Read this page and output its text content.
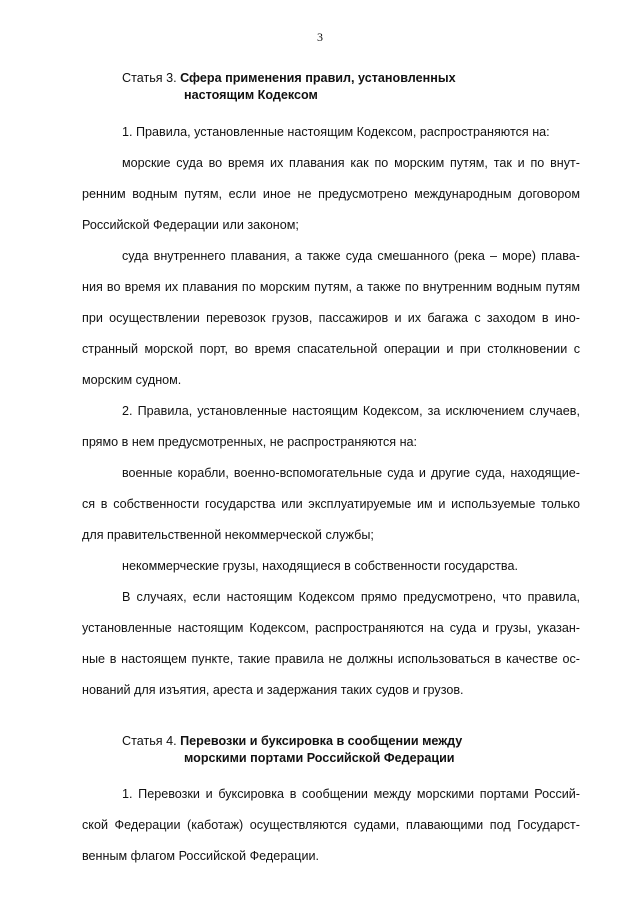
3
Статья 3. Сфера применения правил, установленных
настоящим Кодексом
1. Правила, установленные настоящим Кодексом, распространяются на:
морские суда во время их плавания как по морским путям, так и по внут-
ренним водным путям, если иное не предусмотрено международным договором
Российской Федерации или законом;
суда внутреннего плавания, а также суда смешанного (река – море) плава-
ния во время их плавания по морским путям, а также по внутренним водным путям
при осуществлении перевозок грузов, пассажиров и их багажа с заходом в ино-
странный морской порт, во время спасательной операции и при столкновении с
морским судном.
2. Правила, установленные настоящим Кодексом, за исключением случаев,
прямо в нем предусмотренных, не распространяются на:
военные корабли, военно-вспомогательные суда и другие суда, находящие-
ся в собственности государства или эксплуатируемые им и используемые только
для правительственной некоммерческой службы;
некоммерческие грузы, находящиеся в собственности государства.
В случаях, если настоящим Кодексом прямо предусмотрено, что правила,
установленные настоящим Кодексом, распространяются на суда и грузы, указан-
ные в настоящем пункте, такие правила не должны использоваться в качестве ос-
нований для изъятия, ареста и задержания таких судов и грузов.
Статья 4. Перевозки и буксировка в сообщении между
морскими портами Российской Федерации
1. Перевозки и буксировка в сообщении между морскими портами Россий-
ской Федерации (каботаж) осуществляются судами, плавающими под Государст-
венным флагом Российской Федерации.
